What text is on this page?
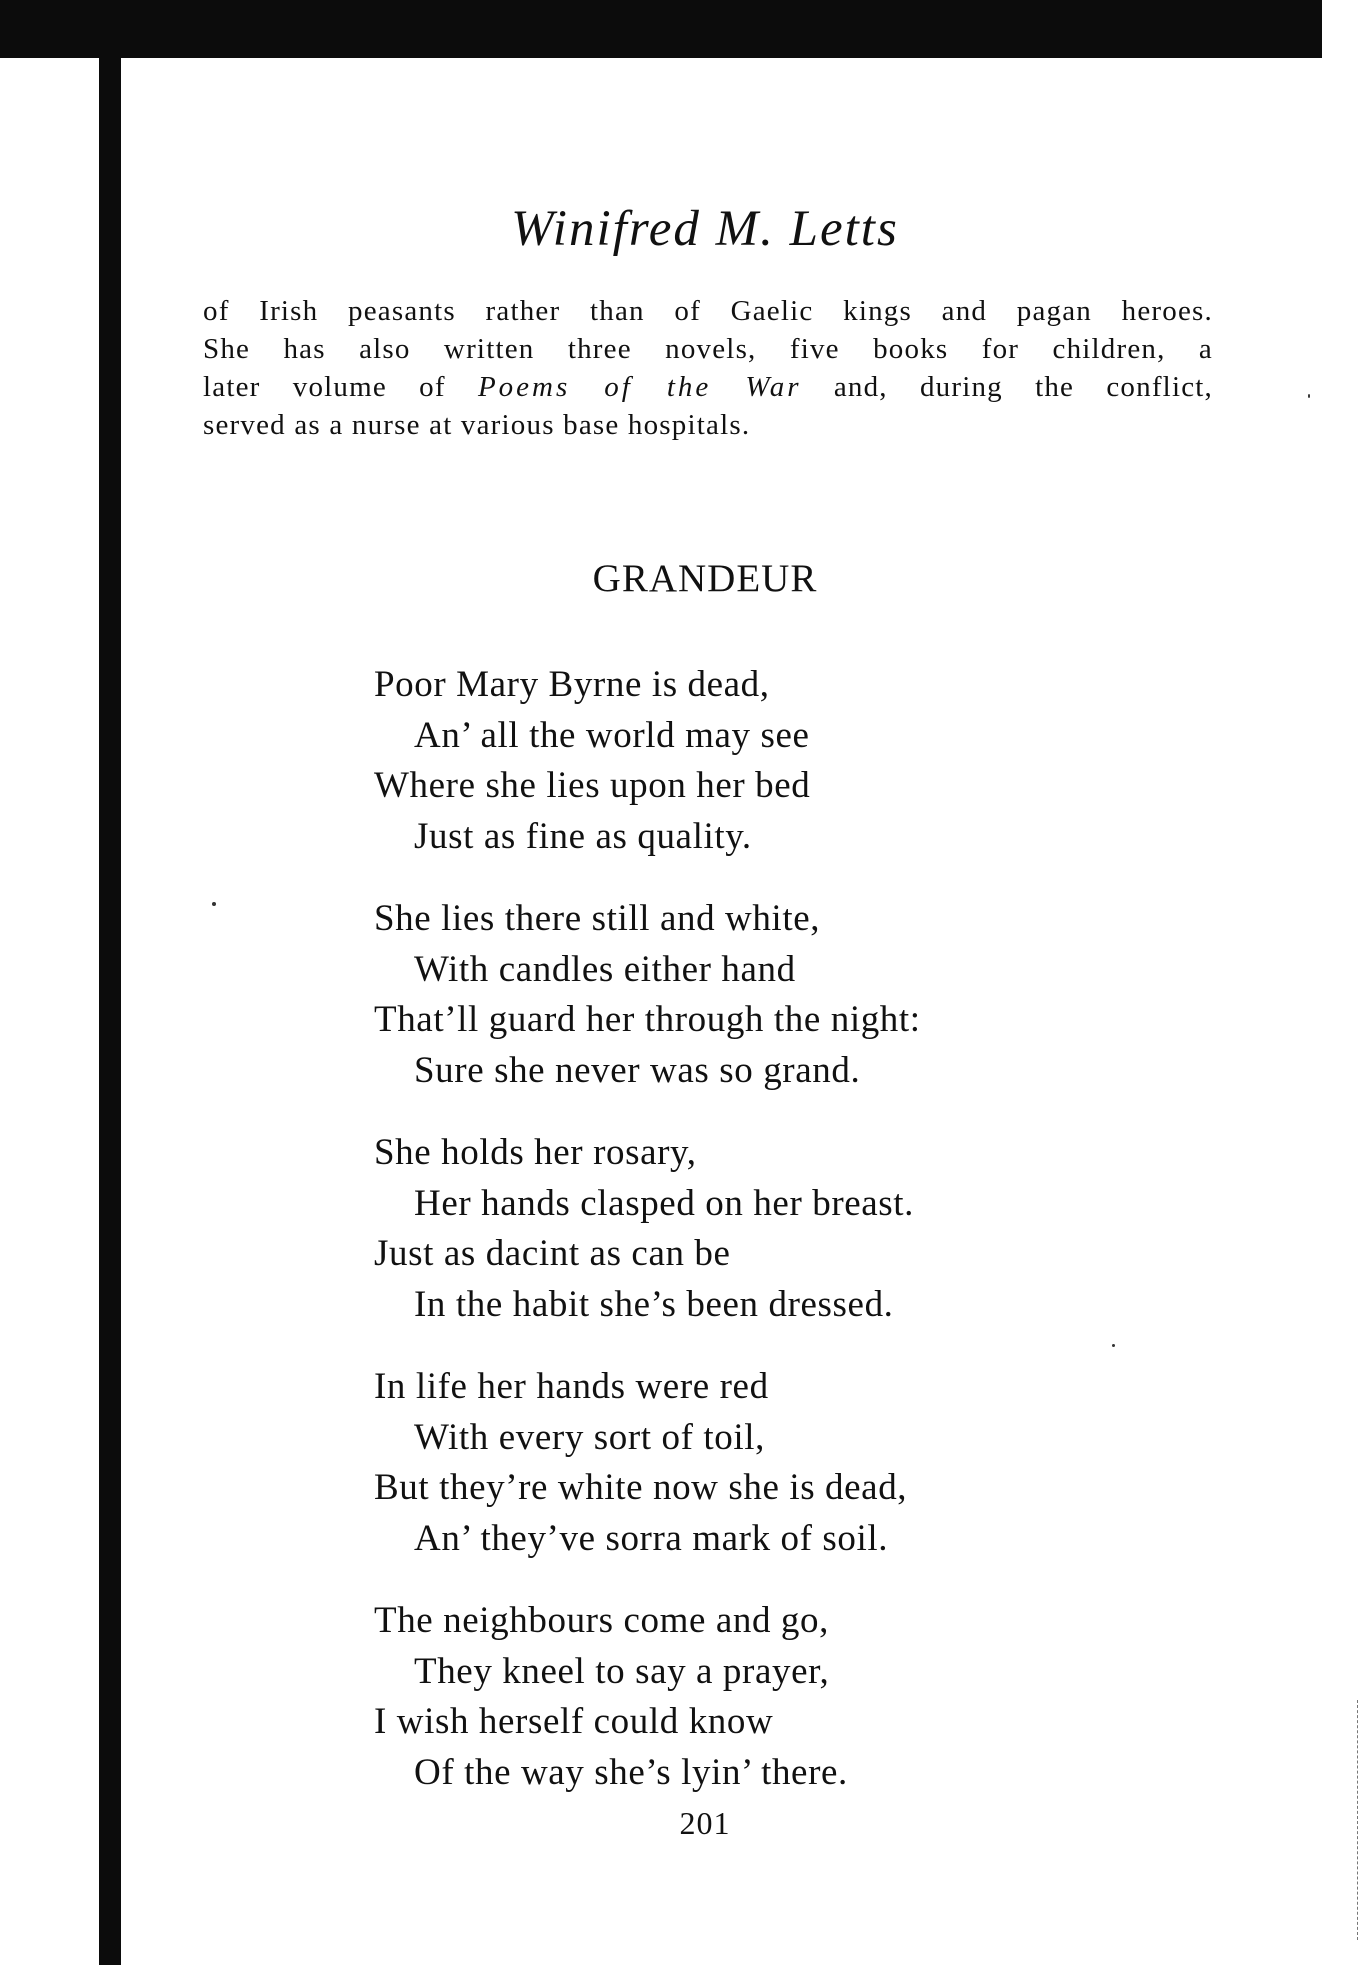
Winifred M. Letts
of Irish peasants rather than of Gaelic kings and pagan heroes.
She has also written three novels, five books for children, a
later volume of Poems of the War and, during the conflict,
served as a nurse at various base hospitals.
GRANDEUR
Poor Mary Byrne is dead,
An’ all the world may see
Where she lies upon her bed
Just as fine as quality.
She lies there still and white,
With candles either hand
That’ll guard her through the night:
Sure she never was so grand.
She holds her rosary,
Her hands clasped on her breast.
Just as dacint as can be
In the habit she’s been dressed.
In life her hands were red
With every sort of toil,
But they’re white now she is dead,
An’ they’ve sorra mark of soil.
The neighbours come and go,
They kneel to say a prayer,
I wish herself could know
Of the way she’s lyin’ there.
201
